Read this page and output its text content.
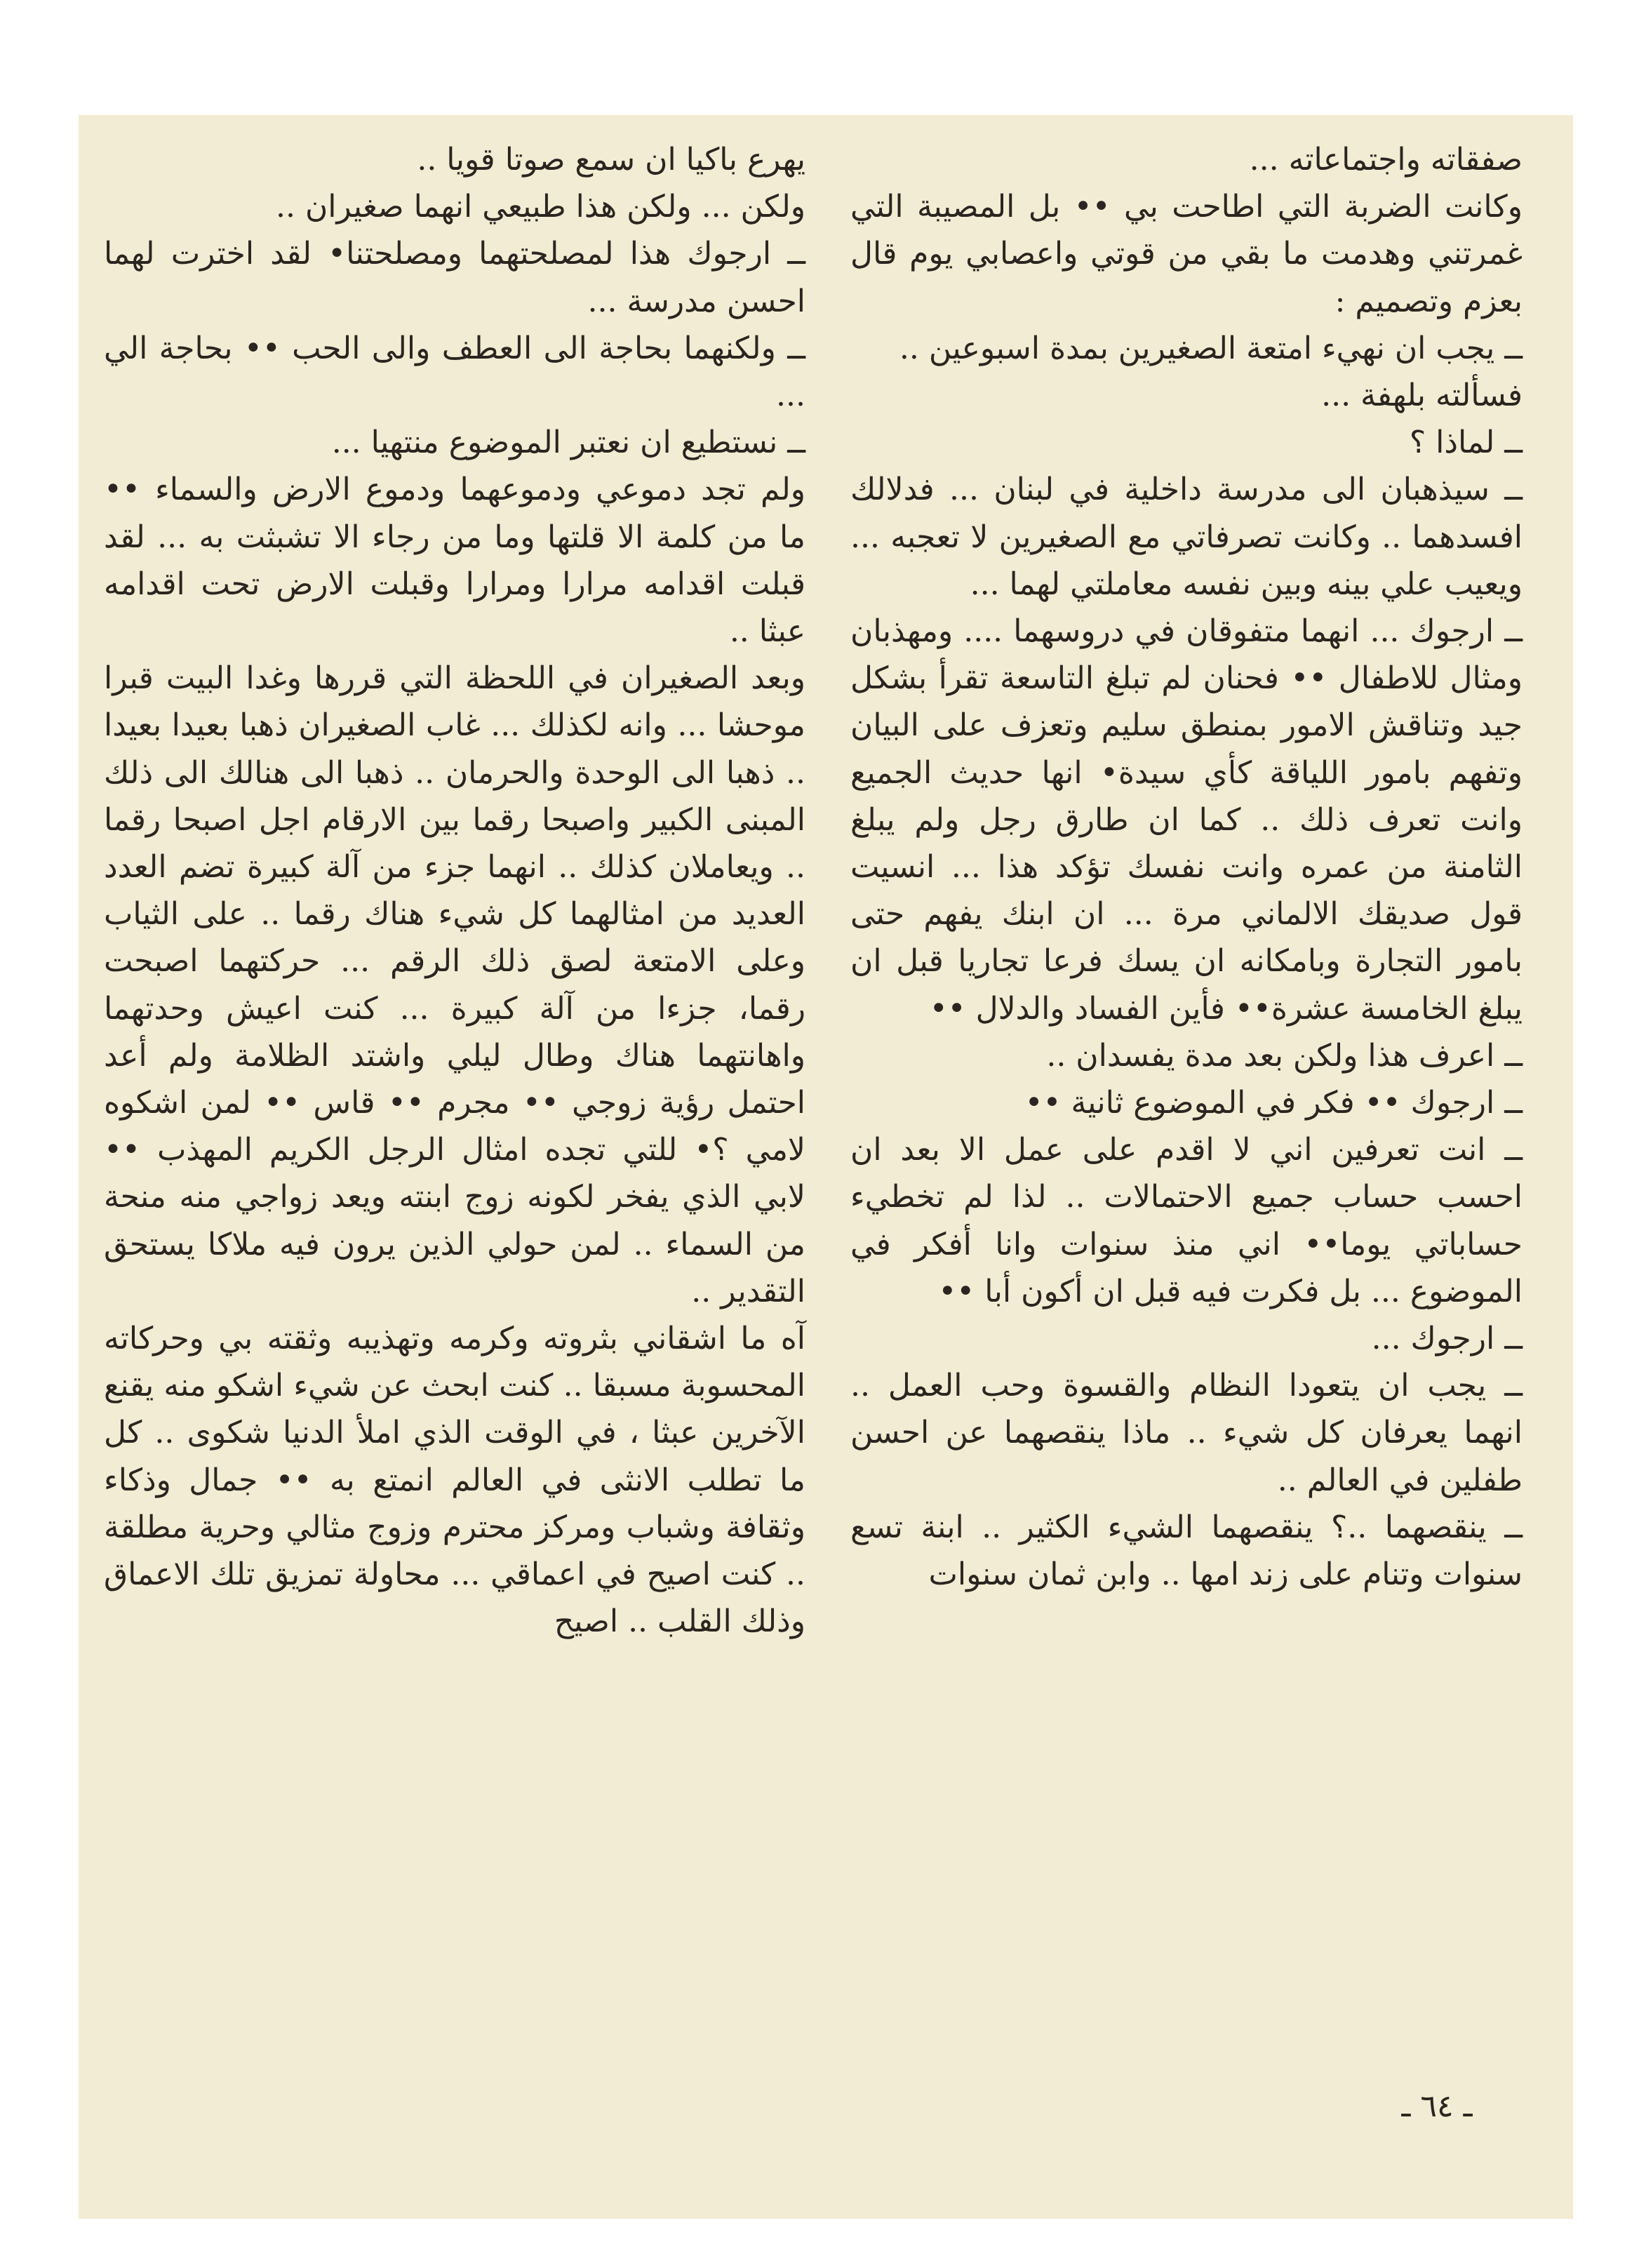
صفقاته واجتماعاته ...

وكانت الضربة التي اطاحت بي •• بل المصيبة التي غمرتني وهدمت ما بقي من قوتي واعصابي يوم قال بعزم وتصميم :

ــ يجب ان نهيء امتعة الصغيرين بمدة اسبوعين ..

فسألته بلهفة ...

ــ لماذا ؟

ــ سيذهبان الى مدرسة داخلية في لبنان ... فدلالك افسدهما .. وكانت تصرفاتي مع الصغيرين لا تعجبه ... ويعيب علي بينه وبين نفسه معاملتي لهما ...

ــ ارجوك ... انهما متفوقان في دروسهما .... ومهذبان ومثال للاطفال •• فحنان لم تبلغ التاسعة تقرأ بشكل جيد وتناقش الامور بمنطق سليم وتعزف على البيان وتفهم بامور اللياقة كأي سيدة• انها حديث الجميع وانت تعرف ذلك .. كما ان طارق رجل ولم يبلغ الثامنة من عمره وانت نفسك تؤكد هذا ... انسيت قول صديقك الالماني مرة ... ان ابنك يفهم حتى بامور التجارة وبامكانه ان يسك فرعا تجاريا قبل ان يبلغ الخامسة عشرة•• فأين الفساد والدلال ••

ــ اعرف هذا ولكن بعد مدة يفسدان ..

ــ ارجوك •• فكر في الموضوع ثانية ••

ــ انت تعرفين اني لا اقدم على عمل الا بعد ان احسب حساب جميع الاحتمالات .. لذا لم تخطيء حساباتي يوما•• اني منذ سنوات وانا أفكر في الموضوع ... بل فكرت فيه قبل ان أكون أبا ••

ــ ارجوك ...

ــ يجب ان يتعودا النظام والقسوة وحب العمل .. انهما يعرفان كل شيء .. ماذا ينقصهما عن احسن طفلين في العالم ..

ــ ينقصهما ..؟ ينقصهما الشيء الكثير .. ابنة تسع سنوات وتنام على زند امها .. وابن ثمان سنوات

يهرع باكيا ان سمع صوتا قويا ..

ولكن ... ولكن هذا طبيعي انهما صغيران ..

ــ ارجوك هذا لمصلحتهما ومصلحتنا• لقد اخترت لهما احسن مدرسة ...

ــ ولكنهما بحاجة الى العطف والى الحب •• بحاجة الي ...

ــ نستطيع ان نعتبر الموضوع منتهيا ...

ولم تجد دموعي ودموعهما ودموع الارض والسماء •• ما من كلمة الا قلتها وما من رجاء الا تشبثت به ... لقد قبلت اقدامه مرارا ومرارا وقبلت الارض تحت اقدامه عبثا ..

وبعد الصغيران في اللحظة التي قررها وغدا البيت قبرا موحشا ... وانه لكذلك ... غاب الصغيران ذهبا بعيدا بعيدا .. ذهبا الى الوحدة والحرمان .. ذهبا الى هنالك الى ذلك المبنى الكبير واصبحا رقما بين الارقام اجل اصبحا رقما .. ويعاملان كذلك .. انهما جزء من آلة كبيرة تضم العدد العديد من امثالهما كل شيء هناك رقما .. على الثياب وعلى الامتعة لصق ذلك الرقم ... حركتهما اصبحت رقما، جزءا من آلة كبيرة ... كنت اعيش وحدتهما واهانتهما هناك وطال ليلي واشتد الظلامة ولم أعد احتمل رؤية زوجي •• مجرم •• قاس •• لمن اشكوه لامي ؟• للتي تجده امثال الرجل الكريم المهذب •• لابي الذي يفخر لكونه زوج ابنته ويعد زواجي منه منحة من السماء .. لمن حولي الذين يرون فيه ملاكا يستحق التقدير ..

آه ما اشقاني بثروته وكرمه وتهذيبه وثقته بي وحركاته المحسوبة مسبقا .. كنت ابحث عن شيء اشكو منه يقنع الآخرين عبثا ، في الوقت الذي املأ الدنيا شكوى .. كل ما تطلب الانثى في العالم انمتع به •• جمال وذكاء وثقافة وشباب ومركز محترم وزوج مثالي وحرية مطلقة .. كنت اصيح في اعماقي ... محاولة تمزيق تلك الاعماق وذلك القلب .. اصيح

ـ ٦٤ ـ
